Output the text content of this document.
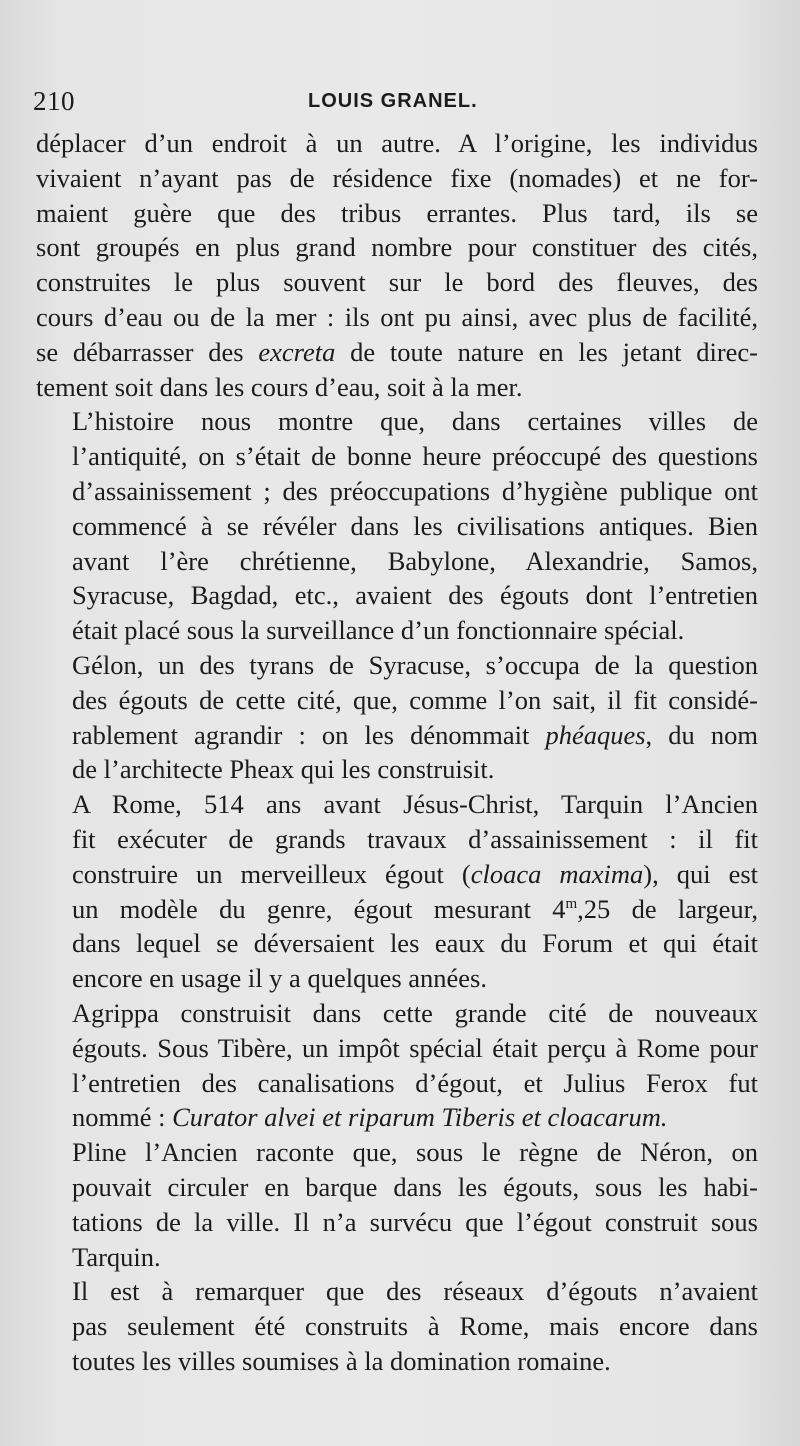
210	LOUIS GRANEL.

déplacer d’un endroit à un autre. A l’origine, les individus
vivaient n’ayant pas de résidence fixe (nomades) et ne for-
maient guère que des tribus errantes. Plus tard, ils se
sont groupés en plus grand nombre pour constituer des cités,
construites le plus souvent sur le bord des fleuves, des
cours d’eau ou de la mer : ils ont pu ainsi, avec plus de facilité,
se débarrasser des excreta de toute nature en les jetant direc-
tement soit dans les cours d’eau, soit à la mer.

L’histoire nous montre que, dans certaines villes de
l’antiquité, on s’était de bonne heure préoccupé des questions
d’assainissement ; des préoccupations d’hygiène publique ont
commencé à se révéler dans les civilisations antiques. Bien
avant l’ère chrétienne, Babylone, Alexandrie, Samos,
Syracuse, Bagdad, etc., avaient des égouts dont l’entretien
était placé sous la surveillance d’un fonctionnaire spécial.

Gélon, un des tyrans de Syracuse, s’occupa de la question
des égouts de cette cité, que, comme l’on sait, il fit considé-
rablement agrandir : on les dénommait phéaques, du nom
de l’architecte Pheax qui les construisit.

A Rome, 514 ans avant Jésus-Christ, Tarquin l’Ancien
fit exécuter de grands travaux d’assainissement : il fit
construire un merveilleux égout (cloaca maxima), qui est
un modèle du genre, égout mesurant 4$^m$,25 de largeur,
dans lequel se déversaient les eaux du Forum et qui était
encore en usage il y a quelques années.

Agrippa construisit dans cette grande cité de nouveaux
égouts. Sous Tibère, un impôt spécial était perçu à Rome pour
l’entretien des canalisations d’égout, et Julius Ferox fut
nommé : Curator alvei et riparum Tiberis et cloacarum.

Pline l’Ancien raconte que, sous le règne de Néron, on
pouvait circuler en barque dans les égouts, sous les habi-
tations de la ville. Il n’a survécu que l’égout construit sous
Tarquin.

Il est à remarquer que des réseaux d’égouts n’avaient
pas seulement été construits à Rome, mais encore dans
toutes les villes soumises à la domination romaine.
